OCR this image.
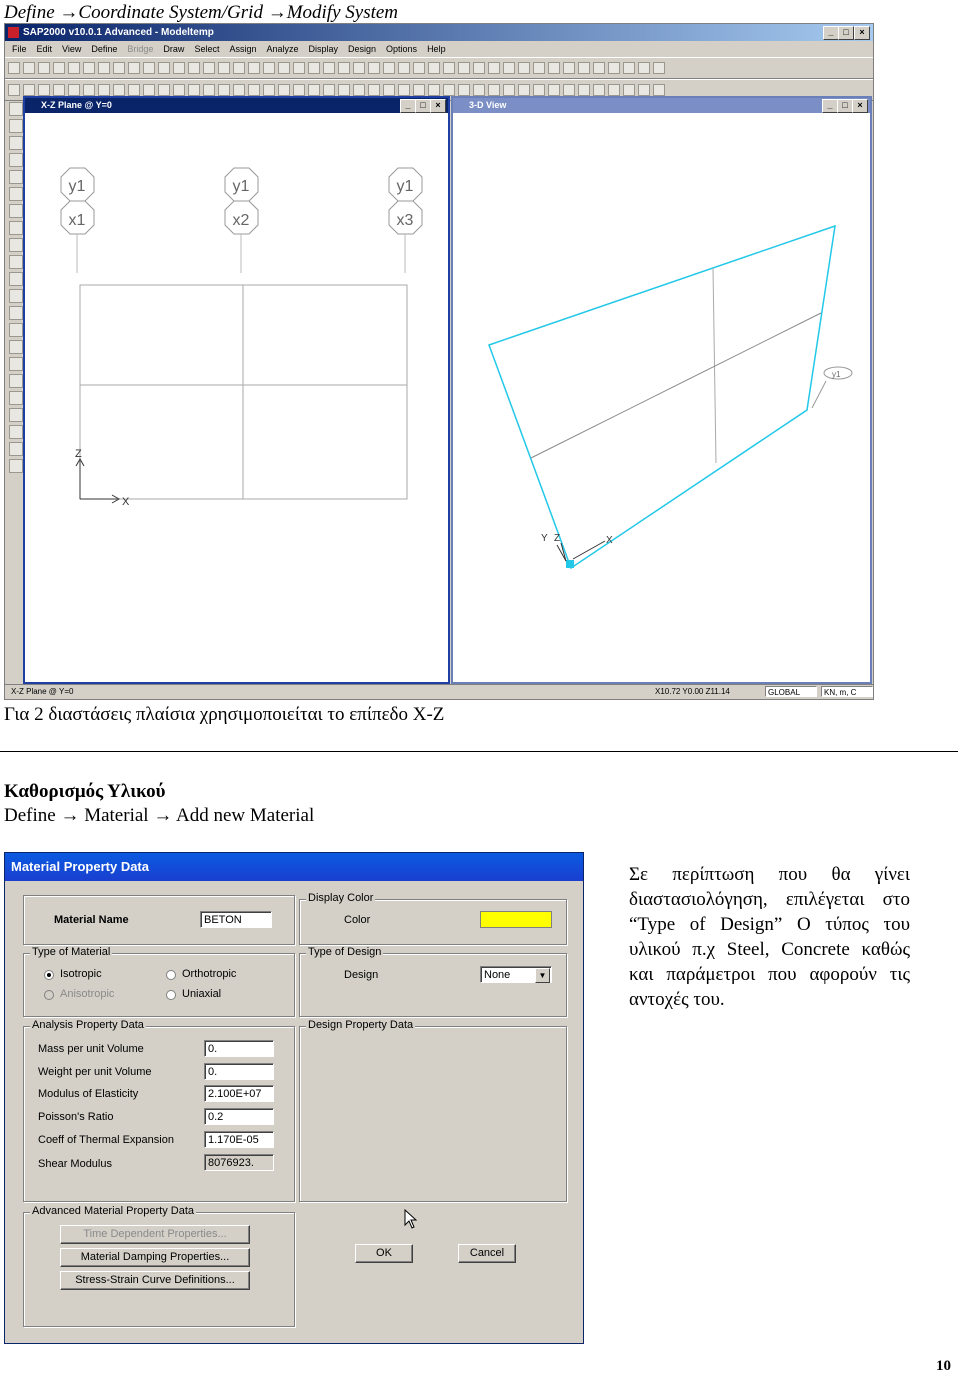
Define →Coordinate System/Grid →Modify System
SAP2000 v10.0.1 Advanced - Modeltemp	_	□	×
File	Edit	View	Define	Bridge	Draw	Select	Assign	Analyze	Display	Design	Options	Help
X-Z Plane @ Y=0	_	□	×
y1
x1
y1
x2
y1
x3
Z
X
3-D View	_	□	×
y1
Y Z	X
X-Z Plane @ Y=0	X10.72 Y0.00 Z11.14	GLOBAL	KN, m, C
Για 2 διαστάσεις πλαίσια χρησιμοποιείται το επίπεδο X-Z
Καθορισμός Υλικού
Define → Material → Add new Material
Σε περίπτωση που θα γίνει διαστασιολόγηση, επιλέγεται στο “Type of Design” Ο τύπος του υλικού π.χ Steel, Concrete καθώς και παράμετροι που αφορούν τις αντοχές του.
Material Property Data
Material Name	BETON
Type of Material
Isotropic	Orthotropic
Anisotropic	Uniaxial
Analysis Property Data
Mass per unit Volume	0.
Weight per unit Volume	0.
Modulus of Elasticity	2.100E+07
Poisson's Ratio	0.2
Coeff of Thermal Expansion	1.170E-05
Shear Modulus	8076923.
Display Color
Color
Type of Design
Design	None	▼
Design Property Data
Advanced Material Property Data
Time Dependent Properties...
Material Damping Properties...
Stress-Strain Curve Definitions...
OK	Cancel
10
